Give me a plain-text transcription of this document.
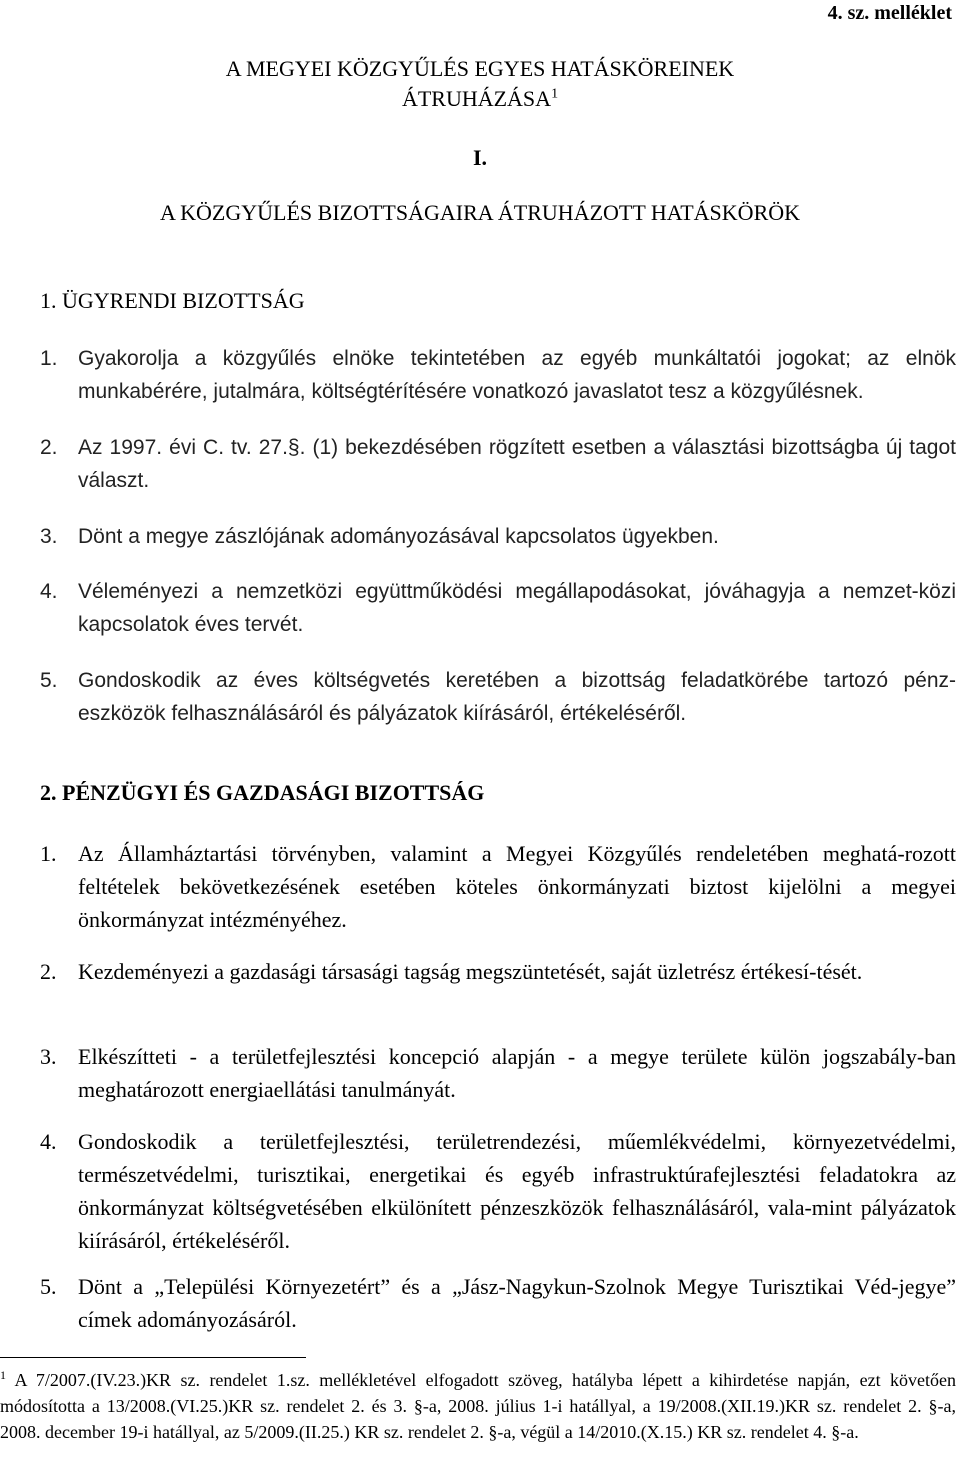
4. sz. melléklet
A MEGYEI KÖZGYŰLÉS EGYES HATÁSKÖREINEK
ÁTRUHÁZÁSA$^1$
I.
A KÖZGYŰLÉS BIZOTTSÁGAIRA ÁTRUHÁZOTT HATÁSKÖRÖK
1. ÜGYRENDI BIZOTTSÁG
1. Gyakorolja a közgyűlés elnöke tekintetében az egyéb munkáltatói jogokat; az elnök munkabérére, jutalmára, költségtérítésére vonatkozó javaslatot tesz a közgyűlésnek.
2. Az 1997. évi C. tv. 27.§. (1) bekezdésében rögzített esetben a választási bizottságba új tagot választ.
3. Dönt a megye zászlójának adományozásával kapcsolatos ügyekben.
4. Véleményezi a nemzetközi együttműködési megállapodásokat, jóváhagyja a nemzet-közi kapcsolatok éves tervét.
5. Gondoskodik az éves költségvetés keretében a bizottság feladatkörébe tartozó pénz-eszközök felhasználásáról és pályázatok kiírásáról, értékeléséről.
2. PÉNZÜGYI ÉS GAZDASÁGI BIZOTTSÁG
1. Az Államháztartási törvényben, valamint a Megyei Közgyűlés rendeletében meghatá-rozott feltételek bekövetkezésének esetében köteles önkormányzati biztost kijelölni a megyei önkormányzat intézményéhez.
2. Kezdeményezi a gazdasági társasági tagság megszüntetését, saját üzletrész értékesí-tését.
3. Elkészítteti - a területfejlesztési koncepció alapján - a megye területe külön jogszabály-ban meghatározott energiaellátási tanulmányát.
4. Gondoskodik a területfejlesztési, területrendezési, műemlékvédelmi, környezetvédelmi, természetvédelmi, turisztikai, energetikai és egyéb infrastruktúrafejlesztési feladatokra az önkormányzat költségvetésében elkülönített pénzeszközök felhasználásáról, vala-mint pályázatok kiírásáról, értékeléséről.
5. Dönt a „Települési Környezetért” és a „Jász-Nagykun-Szolnok Megye Turisztikai Véd-jegye” címek adományozásáról.
$^1$ A 7/2007.(IV.23.)KR sz. rendelet 1.sz. mellékletével elfogadott szöveg, hatályba lépett a kihirdetése napján, ezt követően módosította a 13/2008.(VI.25.)KR sz. rendelet 2. és 3. §-a, 2008. július 1-i hatállyal, a 19/2008.(XII.19.)KR sz. rendelet 2. §-a, 2008. december 19-i hatállyal, az 5/2009.(II.25.) KR sz. rendelet 2. §-a, végül a 14/2010.(X.15.) KR sz. rendelet 4. §-a.
